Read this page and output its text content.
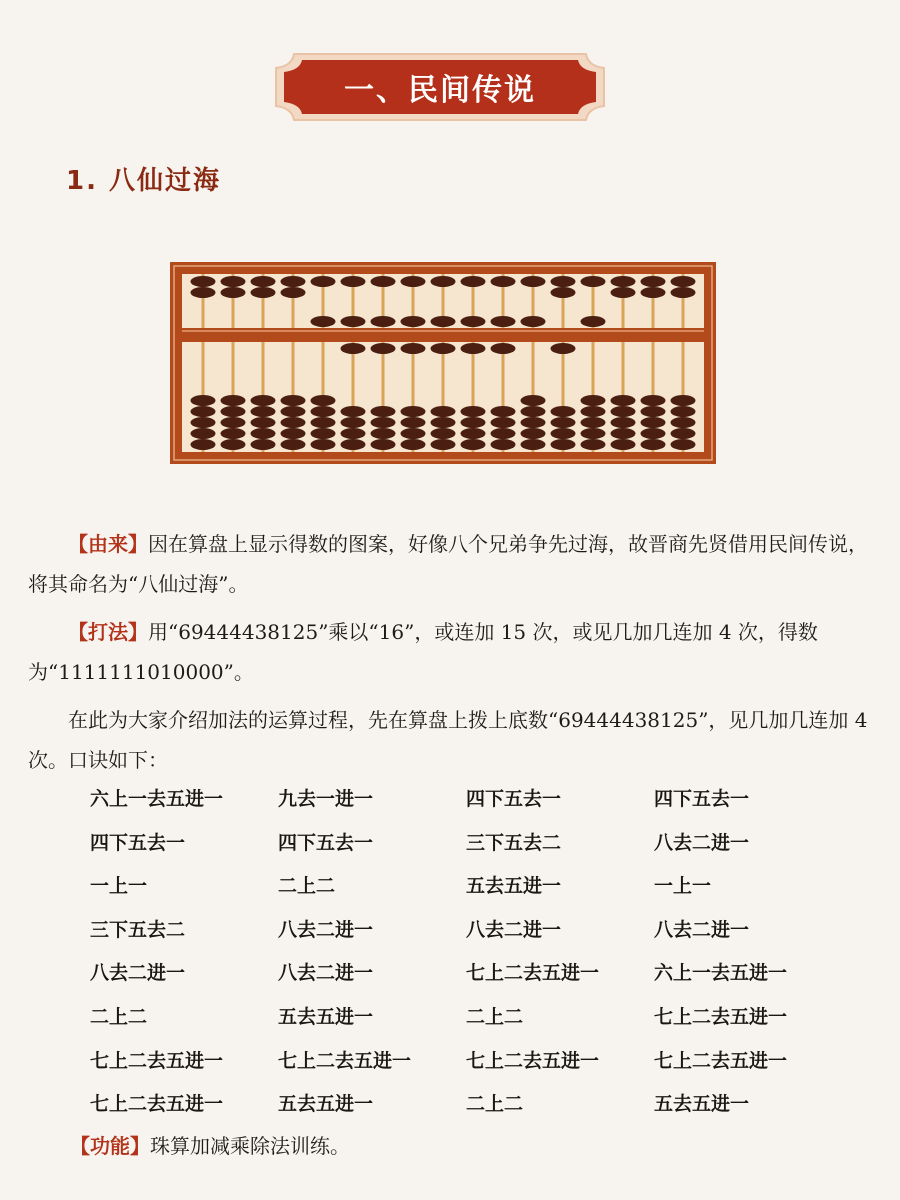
一、民间传说
1. 八仙过海

【由来】因在算盘上显示得数的图案，好像八个兄弟争先过海，故晋商先贤借用民间传说，将其命名为“八仙过海”。

【打法】用“69444438125”乘以“16”，或连加 15 次，或见几加几连加 4 次，得数为“1111111010000”。

在此为大家介绍加法的运算过程，先在算盘上拨上底数“69444438125”，见几加几连加 4 次。口诀如下：

六上一去五进一	九去一进一	四下五去一	四下五去一
四下五去一	四下五去一	三下五去二	八去二进一
一上一	二上二	五去五进一	一上一
三下五去二	八去二进一	八去二进一	八去二进一
八去二进一	八去二进一	七上二去五进一	六上一去五进一
二上二	五去五进一	二上二	七上二去五进一
七上二去五进一	七上二去五进一	七上二去五进一	七上二去五进一
七上二去五进一	五去五进一	二上二	五去五进一

【功能】珠算加减乘除法训练。
